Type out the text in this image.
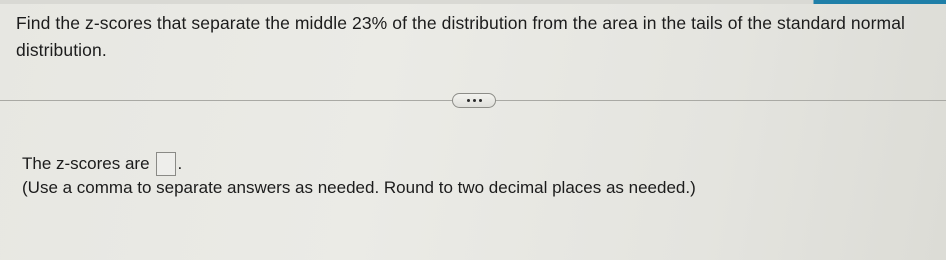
Find the z-scores that separate the middle 23% of the distribution from the area in the tails of the standard normal distribution.
The z-scores are .
(Use a comma to separate answers as needed. Round to two decimal places as needed.)
